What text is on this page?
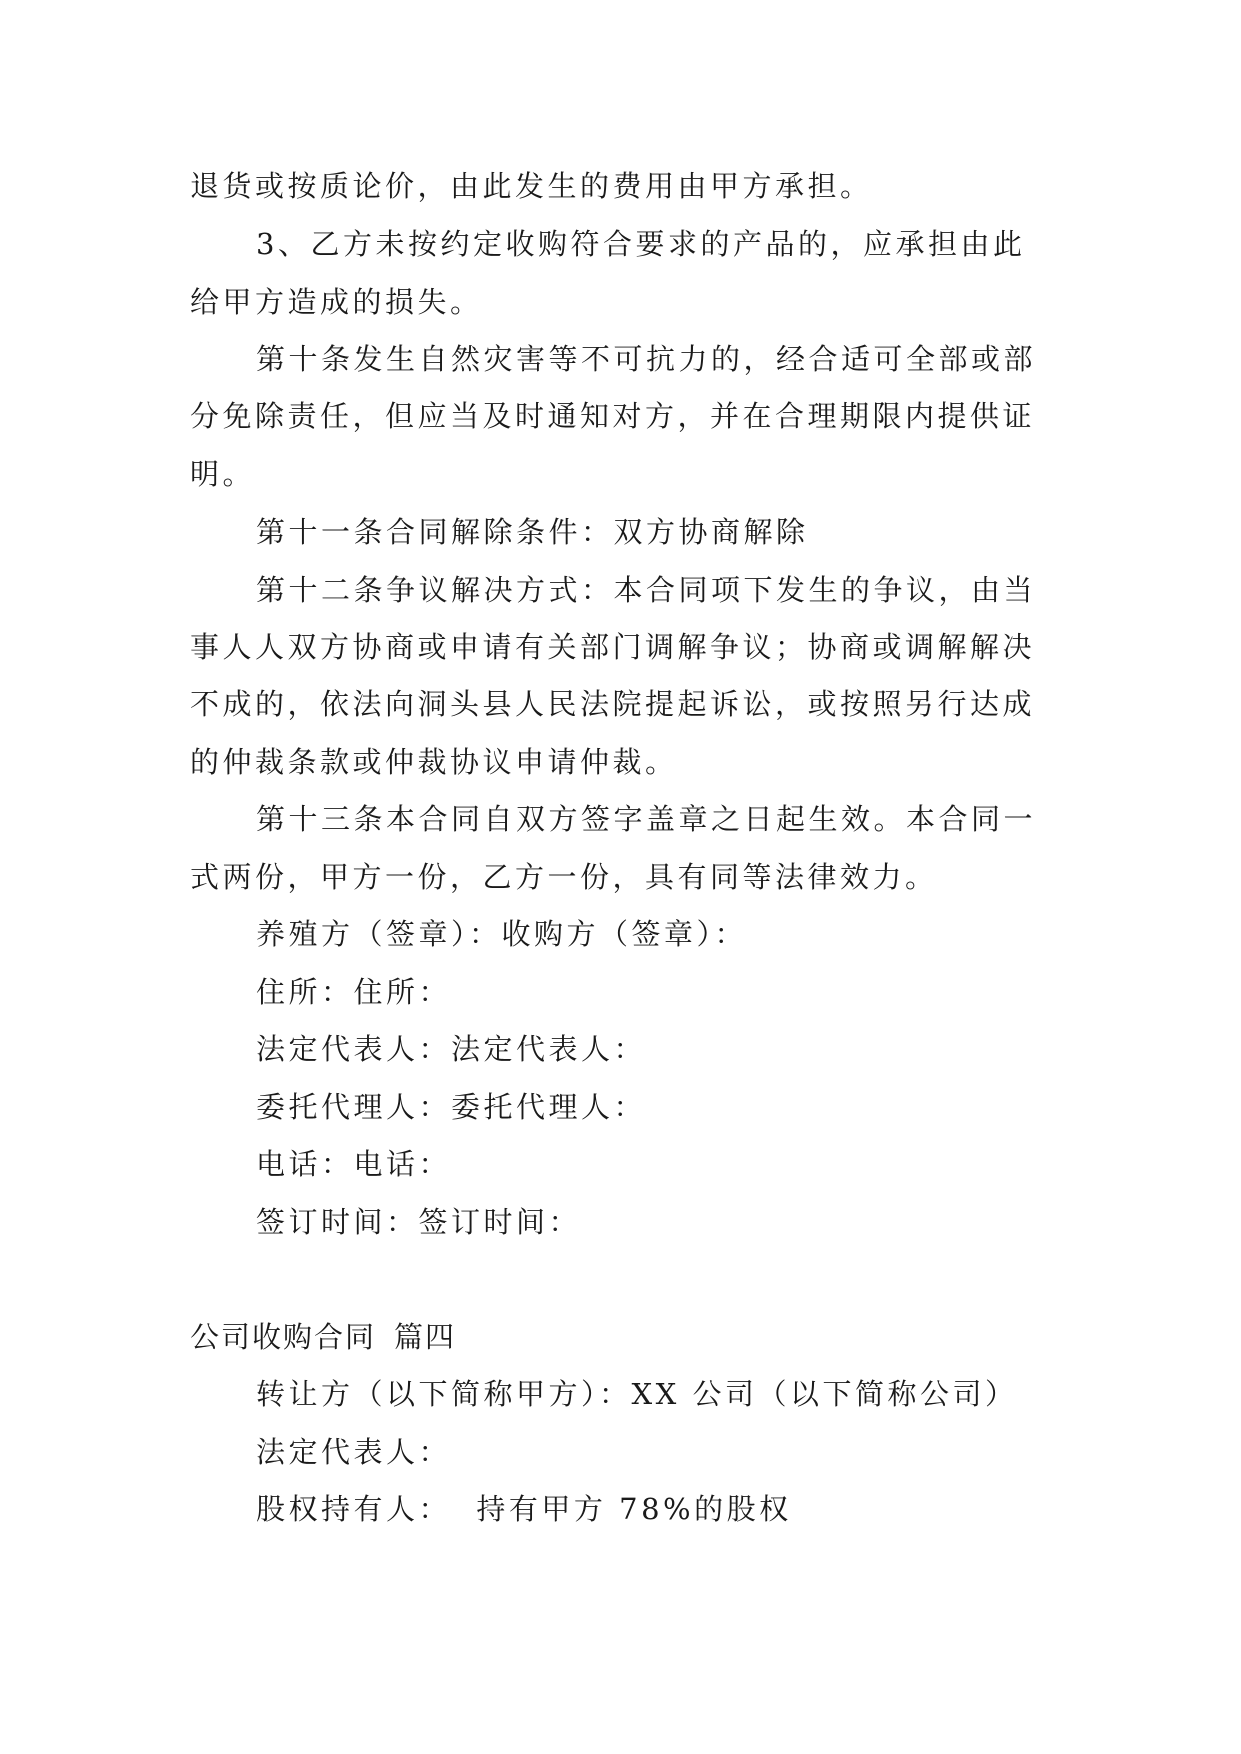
退货或按质论价，由此发生的费用由甲方承担。
3、乙方未按约定收购符合要求的产品的，应承担由此
给甲方造成的损失。
第十条发生自然灾害等不可抗力的，经合适可全部或部
分免除责任，但应当及时通知对方，并在合理期限内提供证
明。
第十一条合同解除条件：双方协商解除
第十二条争议解决方式：本合同项下发生的争议，由当
事人人双方协商或申请有关部门调解争议；协商或调解解决
不成的，依法向洞头县人民法院提起诉讼，或按照另行达成
的仲裁条款或仲裁协议申请仲裁。
第十三条本合同自双方签字盖章之日起生效。本合同一
式两份，甲方一份，乙方一份，具有同等法律效力。
养殖方（签章）：收购方（签章）：
住所：住所：
法定代表人：法定代表人：
委托代理人：委托代理人：
电话：电话：
签订时间：签订时间：
公司收购合同 篇四
转让方（以下简称甲方）：XX 公司（以下简称公司）
法定代表人：
股权持有人：  持有甲方 78%的股权
